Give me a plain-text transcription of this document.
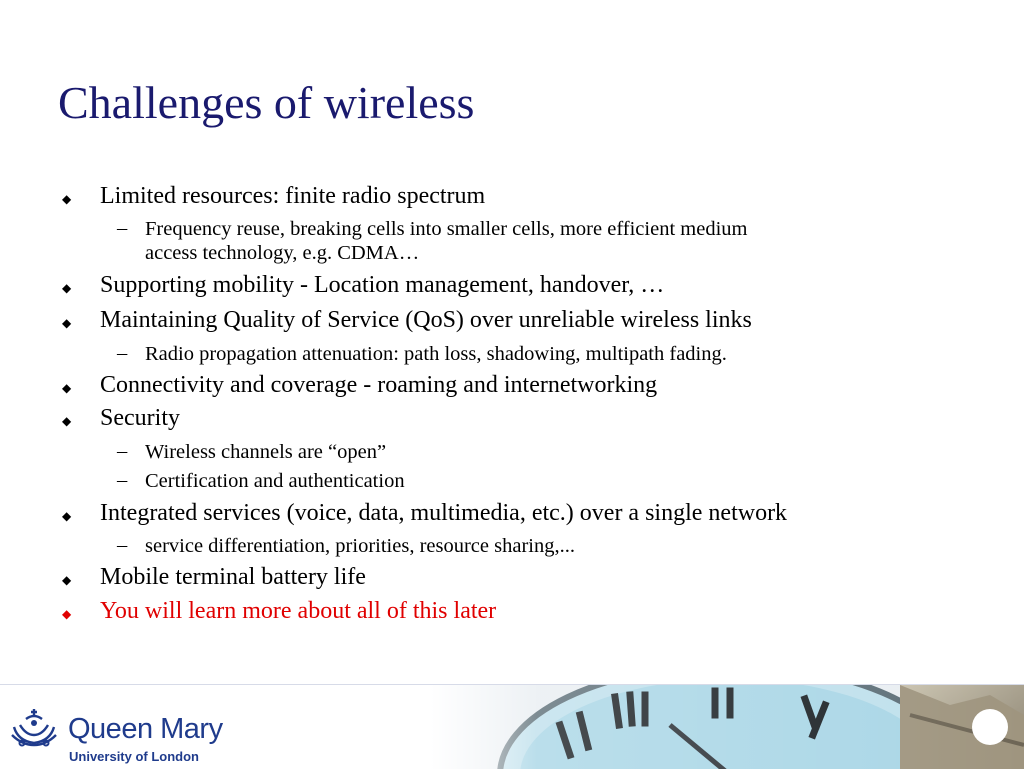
Challenges of wireless
◆ Limited resources: finite radio spectrum
– Frequency reuse, breaking cells into smaller cells, more efficient medium
access technology, e.g. CDMA…
◆ Supporting mobility - Location management, handover, …
◆ Maintaining Quality of Service (QoS) over unreliable wireless links
– Radio propagation attenuation: path loss, shadowing, multipath fading.
◆ Connectivity and coverage - roaming and internetworking
◆ Security
– Wireless channels are “open”
– Certification and authentication
◆ Integrated services (voice, data, multimedia, etc.) over a single network
– service differentiation, priorities, resource sharing,...
◆ Mobile terminal battery life
◆ You will learn more about all of this later
Queen Mary
University of London
